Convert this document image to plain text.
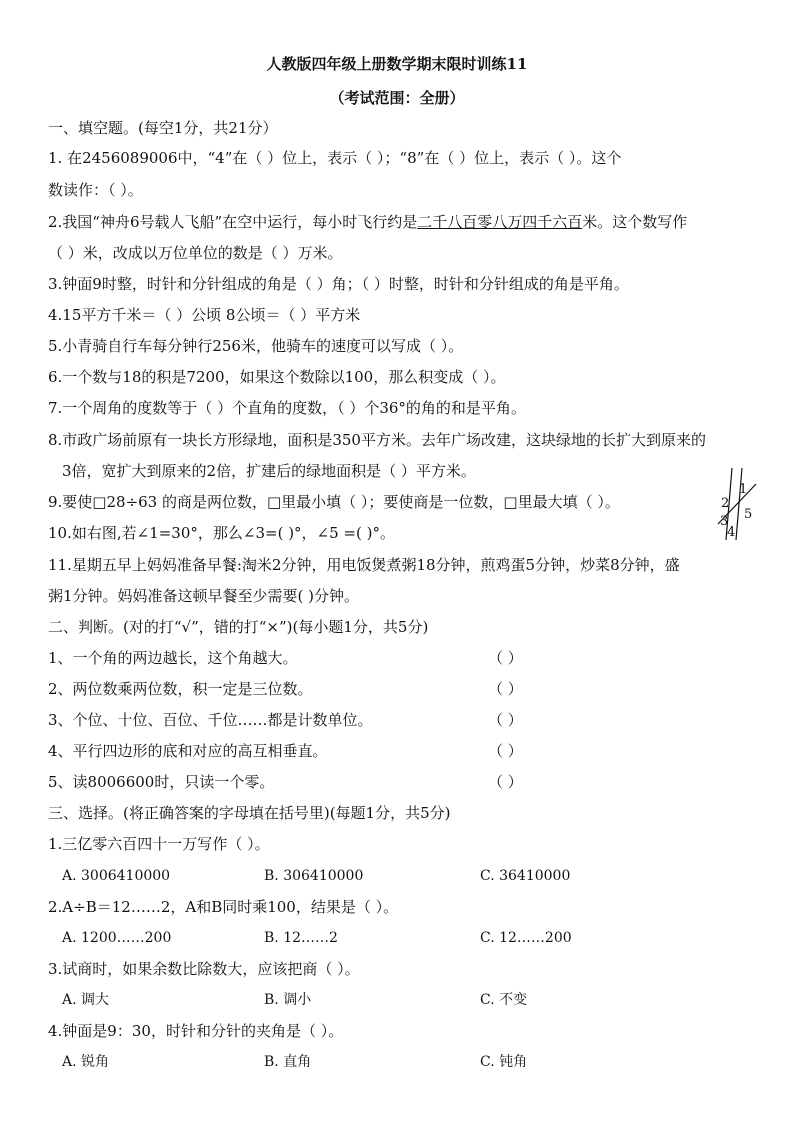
人教版四年级上册数学期末限时训练11
（考试范围：全册）
一、填空题。(每空1分，共21分）
1. 在2456089006中，“4”在（ ）位上，表示（ ）；“8”在（ ）位上，表示（ ）。这个
数读作：（ ）。
2.我国“神舟6号载人飞船”在空中运行，每小时飞行约是二千八百零八万四千六百米。这个数写作
（ ）米，改成以万位单位的数是（ ）万米。
3.钟面9时整，时针和分针组成的角是（ ）角；（ ）时整，时针和分针组成的角是平角。
4.15平方千米＝（ ）公顷 8公顷＝（ ）平方米
5.小青骑自行车每分钟行256米，他骑车的速度可以写成（ ）。
6.一个数与18的积是7200，如果这个数除以100，那么积变成（ ）。
7.一个周角的度数等于（ ）个直角的度数，（ ）个36°的角的和是平角。
8.市政广场前原有一块长方形绿地，面积是350平方米。去年广场改建，这块绿地的长扩大到原来的
3倍，宽扩大到原来的2倍，扩建后的绿地面积是（ ）平方米。
9.要使□28÷63 的商是两位数，□里最小填（ ）；要使商是一位数，□里最大填（ ）。
10.如右图,若∠1=30°，那么∠3=( )°，∠5 =( )°。
1
2
3 5
4
11.星期五早上妈妈准备早餐:淘米2分钟，用电饭煲煮粥18分钟，煎鸡蛋5分钟，炒菜8分钟，盛
粥1分钟。妈妈准备这顿早餐至少需要( )分钟。
二、判断。(对的打“√”，错的打“×”)(每小题1分，共5分)
1、一个角的两边越长，这个角越大。	（ ）
2、两位数乘两位数，积一定是三位数。	（ ）
3、个位、十位、百位、千位……都是计数单位。	（ ）
4、平行四边形的底和对应的高互相垂直。	（ ）
5、读8006600时，只读一个零。	（ ）
三、选择。(将正确答案的字母填在括号里)(每题1分，共5分)
1.三亿零六百四十一万写作（ ）。
A. 3006410000	B. 306410000	C. 36410000
2.A÷B＝12……2，A和B同时乘100，结果是（ ）。
A. 1200……200	B. 12……2	C. 12……200
3.试商时，如果余数比除数大，应该把商（ ）。
A. 调大	B. 调小	C. 不变
4.钟面是9：30，时针和分针的夹角是（ ）。
A. 锐角	B. 直角	C. 钝角
